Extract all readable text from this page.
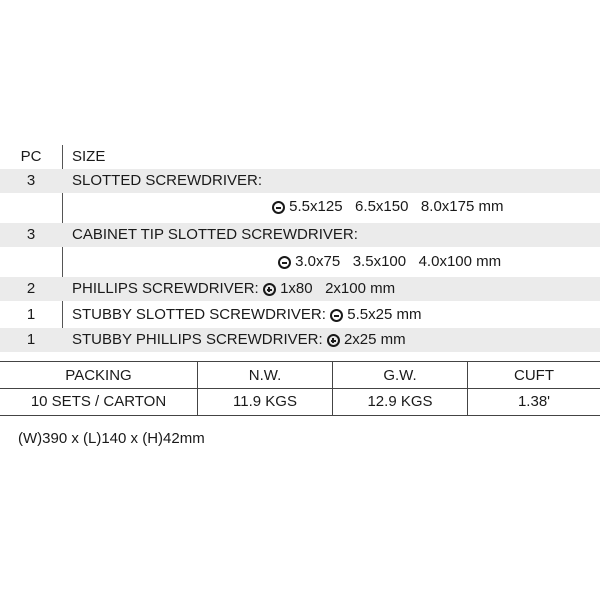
PC	SIZE
3	SLOTTED SCREWDRIVER:
5.5x125   6.5x150   8.0x175 mm
3	CABINET TIP SLOTTED SCREWDRIVER:
3.0x75   3.5x100   4.0x100 mm
2	PHILLIPS SCREWDRIVER: 1x80   2x100 mm
1	STUBBY SLOTTED SCREWDRIVER: 5.5x25 mm
1	STUBBY PHILLIPS SCREWDRIVER: 2x25 mm
PACKING	N.W.	G.W.	CUFT
10 SETS / CARTON	11.9 KGS	12.9 KGS	1.38'
(W)390 x (L)140 x (H)42mm
